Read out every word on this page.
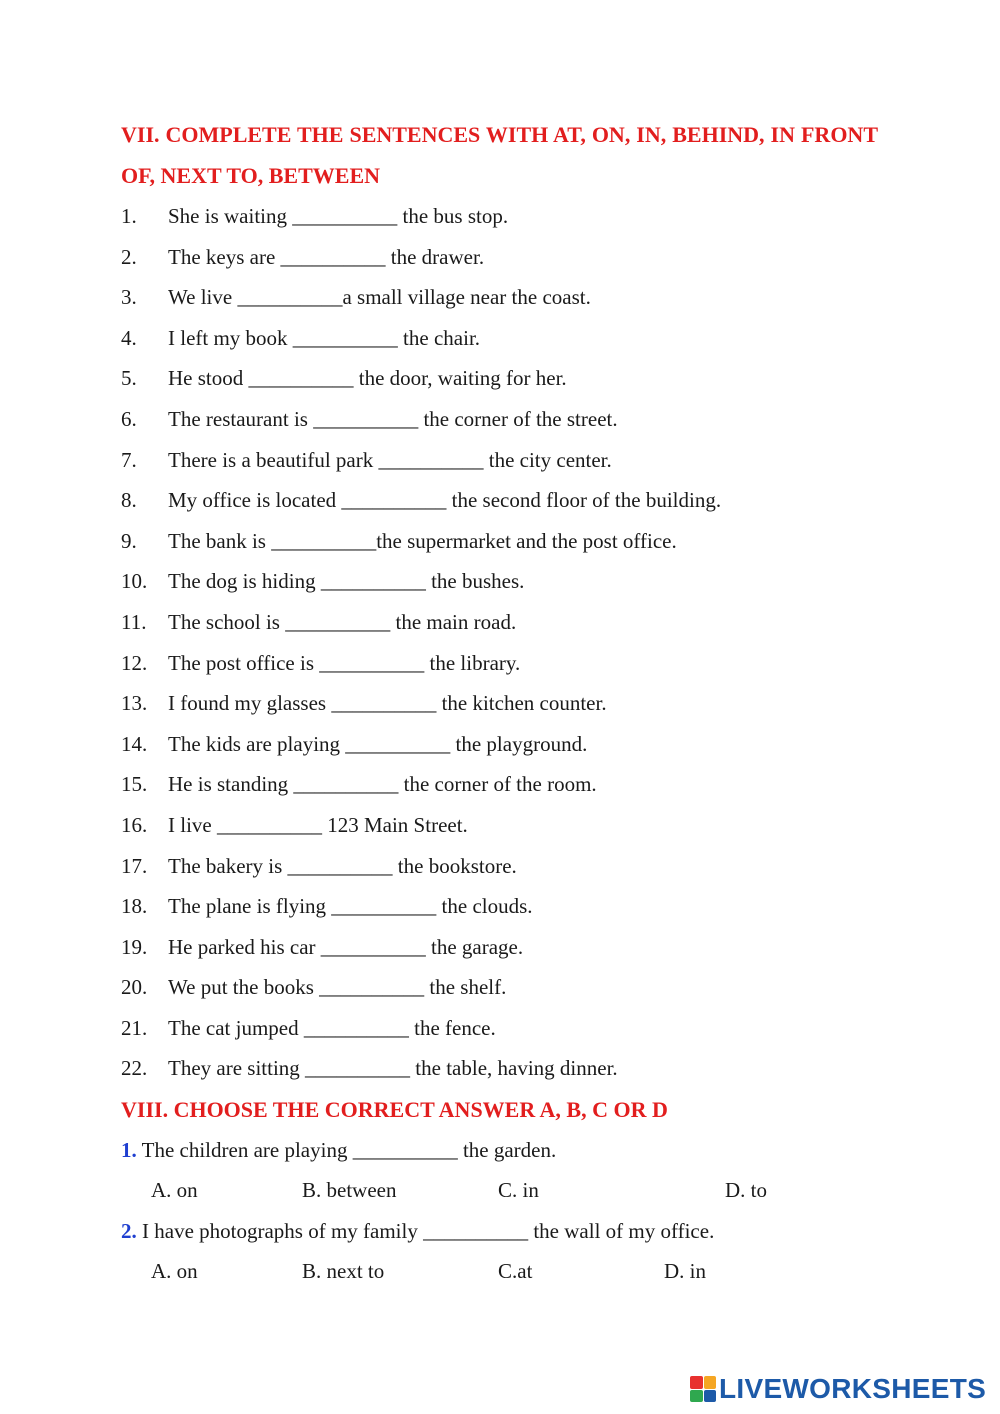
VII. COMPLETE THE SENTENCES WITH AT, ON, IN, BEHIND, IN FRONT OF, NEXT TO, BETWEEN
1. She is waiting __________ the bus stop.
2. The keys are __________ the drawer.
3. We live __________a small village near the coast.
4. I left my book __________ the chair.
5. He stood __________ the door, waiting for her.
6. The restaurant is __________ the corner of the street.
7. There is a beautiful park __________ the city center.
8. My office is located __________ the second floor of the building.
9. The bank is __________the supermarket and the post office.
10. The dog is hiding __________ the bushes.
11. The school is __________ the main road.
12. The post office is __________ the library.
13. I found my glasses __________ the kitchen counter.
14. The kids are playing __________ the playground.
15. He is standing __________ the corner of the room.
16. I live __________ 123 Main Street.
17. The bakery is __________ the bookstore.
18. The plane is flying __________ the clouds.
19. He parked his car __________ the garage.
20. We put the books __________ the shelf.
21. The cat jumped __________ the fence.
22. They are sitting __________ the table, having dinner.
VIII. CHOOSE THE CORRECT ANSWER A, B, C OR D
1. The children are playing __________ the garden.
A. on	B. between	C. in	D. to
2. I have photographs of my family __________ the wall of my office.
A. on	B. next to	C.at	D. in
LIVEWORKSHEETS
